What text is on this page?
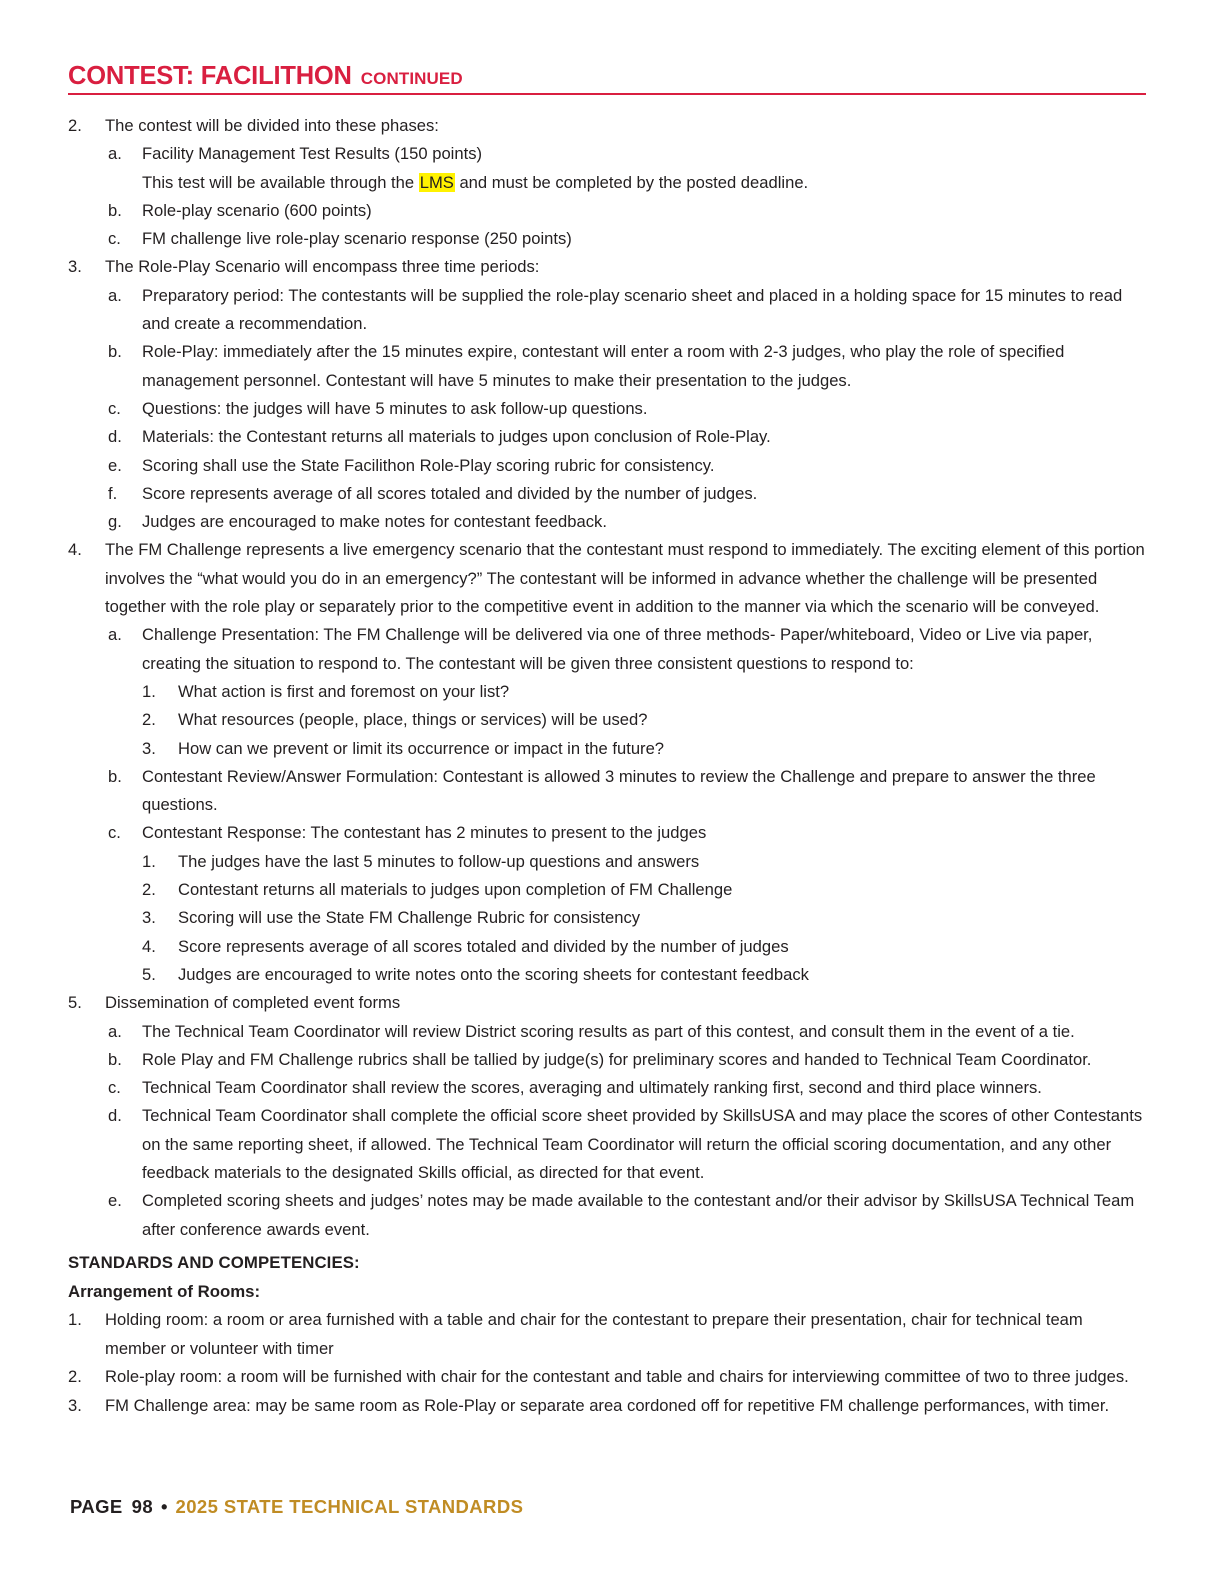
CONTEST: FACILITHON CONTINUED
2.	The contest will be divided into these phases:
a.	Facility Management Test Results (150 points)
This test will be available through the LMS and must be completed by the posted deadline.
b.	Role-play scenario (600 points)
c.	FM challenge live role-play scenario response (250 points)
3.	The Role-Play Scenario will encompass three time periods:
a.	Preparatory period: The contestants will be supplied the role-play scenario sheet and placed in a holding space for 15 minutes to read and create a recommendation.
b.	Role-Play: immediately after the 15 minutes expire, contestant will enter a room with 2-3 judges, who play the role of specified management personnel. Contestant will have 5 minutes to make their presentation to the judges.
c.	Questions: the judges will have 5 minutes to ask follow-up questions.
d.	Materials: the Contestant returns all materials to judges upon conclusion of Role-Play.
e.	Scoring shall use the State Facilithon Role-Play scoring rubric for consistency.
f.	Score represents average of all scores totaled and divided by the number of judges.
g.	Judges are encouraged to make notes for contestant feedback.
4.	The FM Challenge represents a live emergency scenario that the contestant must respond to immediately. The exciting element of this portion involves the “what would you do in an emergency?” The contestant will be informed in advance whether the challenge will be presented together with the role play or separately prior to the competitive event in addition to the manner via which the scenario will be conveyed.
a.	Challenge Presentation: The FM Challenge will be delivered via one of three methods- Paper/whiteboard, Video or Live via paper, creating the situation to respond to. The contestant will be given three consistent questions to respond to:
1.	What action is first and foremost on your list?
2.	What resources (people, place, things or services) will be used?
3.	How can we prevent or limit its occurrence or impact in the future?
b.	Contestant Review/Answer Formulation: Contestant is allowed 3 minutes to review the Challenge and prepare to answer the three questions.
c.	Contestant Response: The contestant has 2 minutes to present to the judges
1.	The judges have the last 5 minutes to follow-up questions and answers
2.	Contestant returns all materials to judges upon completion of FM Challenge
3.	Scoring will use the State FM Challenge Rubric for consistency
4.	Score represents average of all scores totaled and divided by the number of judges
5.	Judges are encouraged to write notes onto the scoring sheets for contestant feedback
5.	Dissemination of completed event forms
a.	The Technical Team Coordinator will review District scoring results as part of this contest, and consult them in the event of a tie.
b.	Role Play and FM Challenge rubrics shall be tallied by judge(s) for preliminary scores and handed to Technical Team Coordinator.
c.	Technical Team Coordinator shall review the scores, averaging and ultimately ranking first, second and third place winners.
d.	Technical Team Coordinator shall complete the official score sheet provided by SkillsUSA and may place the scores of other Contestants on the same reporting sheet, if allowed. The Technical Team Coordinator will return the official scoring documentation, and any other feedback materials to the designated Skills official, as directed for that event.
e.	Completed scoring sheets and judges’ notes may be made available to the contestant and/or their advisor by SkillsUSA Technical Team after conference awards event.
STANDARDS AND COMPETENCIES:
Arrangement of Rooms:
1.	Holding room: a room or area furnished with a table and chair for the contestant to prepare their presentation, chair for technical team member or volunteer with timer
2.	Role-play room: a room will be furnished with chair for the contestant and table and chairs for interviewing committee of two to three judges.
3.	FM Challenge area: may be same room as Role-Play or separate area cordoned off for repetitive FM challenge performances, with timer.
PAGE 98 • 2025 STATE TECHNICAL STANDARDS
